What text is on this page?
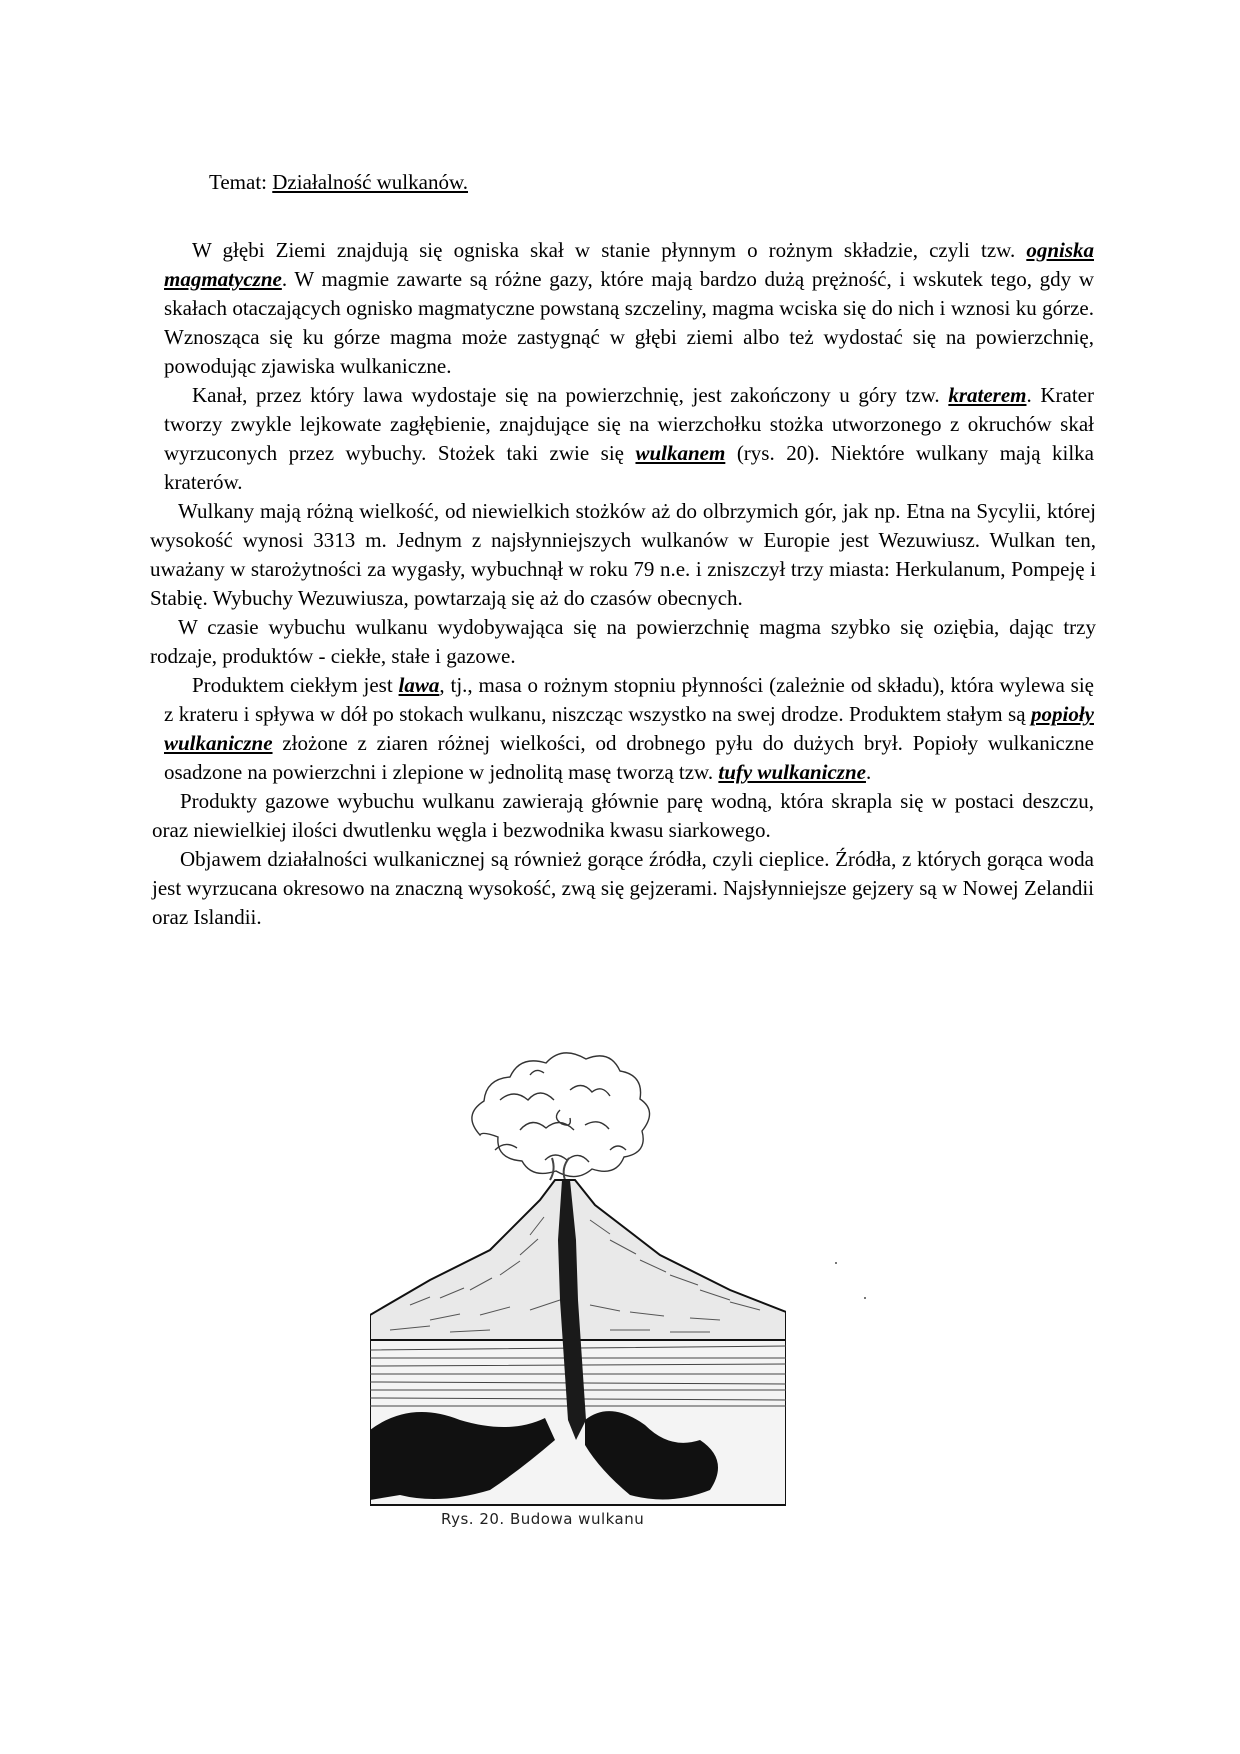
Temat: Działalność wulkanów.

W głębi Ziemi znajdują się ogniska skał w stanie płynnym o rożnym składzie, czyli tzw. ogniska magmatyczne. W magmie zawarte są różne gazy, które mają bardzo dużą prężność, i wskutek tego, gdy w skałach otaczających ognisko magmatyczne powstaną szczeliny, magma wciska się do nich i wznosi ku górze. Wznosząca się ku górze magma może zastygnąć w głębi ziemi albo też wydostać się na powierzchnię, powodując zjawiska wulkaniczne.

Kanał, przez który lawa wydostaje się na powierzchnię, jest zakończony u góry tzw. kraterem. Krater tworzy zwykle lejkowate zagłębienie, znajdujące się na wierzchołku stożka utworzonego z okruchów skał wyrzuconych przez wybuchy. Stożek taki zwie się wulkanem (rys. 20). Niektóre wulkany mają kilka kraterów.

Wulkany mają różną wielkość, od niewielkich stożków aż do olbrzymich gór, jak np. Etna na Sycylii, której wysokość wynosi 3313 m. Jednym z najsłynniejszych wulkanów w Europie jest Wezuwiusz. Wulkan ten, uważany w starożytności za wygasły, wybuchnął w roku 79 n.e. i zniszczył trzy miasta: Herkulanum, Pompeję i Stabię. Wybuchy Wezuwiusza, powtarzają się aż do czasów obecnych.

W czasie wybuchu wulkanu wydobywająca się na powierzchnię magma szybko się oziębia, dając trzy rodzaje, produktów - ciekłe, stałe i gazowe.

Produktem ciekłym jest lawa, tj., masa o rożnym stopniu płynności (zależnie od składu), która wylewa się z krateru i spływa w dół po stokach wulkanu, niszcząc wszystko na swej drodze. Produktem stałym są popioły wulkaniczne złożone z ziaren różnej wielkości, od drobnego pyłu do dużych brył. Popioły wulkaniczne osadzone na powierzchni i zlepione w jednolitą masę tworzą tzw. tufy wulkaniczne.

Produkty gazowe wybuchu wulkanu zawierają głównie parę wodną, która skrapla się w postaci deszczu, oraz niewielkiej ilości dwutlenku węgla i bezwodnika kwasu siarkowego.

Objawem działalności wulkanicznej są również gorące źródła, czyli cieplice. Źródła, z których gorąca woda jest wyrzucana okresowo na znaczną wysokość, zwą się gejzerami. Najsłynniejsze gejzery są w Nowej Zelandii oraz Islandii.

Rys. 20. Budowa wulkanu
